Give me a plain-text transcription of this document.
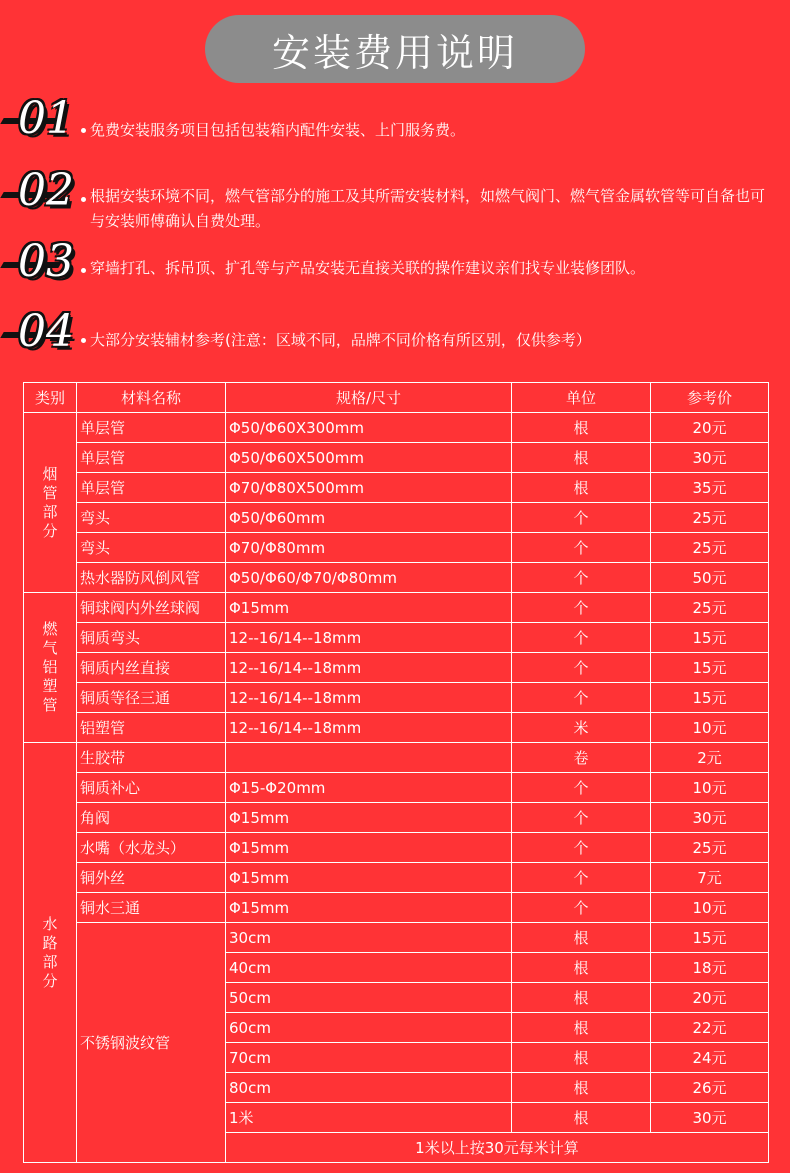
安装费用说明
01 免费安装服务项目包括包装箱内配件安装、上门服务费。
02 根据安装环境不同，燃气管部分的施工及其所需安装材料，如燃气阀门、燃气管金属软管等可自备也可与安装师傅确认自费处理。
03 穿墙打孔、拆吊顶、扩孔等与产品安装无直接关联的操作建议亲们找专业装修团队。
04 大部分安装辅材参考(注意：区域不同，品牌不同价格有所区别，仅供参考）
类别	材料名称	规格/尺寸	单位	参考价
烟管部分	单层管	Φ50/Φ60X300mm	根	20元
	单层管	Φ50/Φ60X500mm	根	30元
	单层管	Φ70/Φ80X500mm	根	35元
	弯头	Φ50/Φ60mm	个	25元
	弯头	Φ70/Φ80mm	个	25元
	热水器防风倒风管	Φ50/Φ60/Φ70/Φ80mm	个	50元
燃气铝塑管	铜球阀内外丝球阀	Φ15mm	个	25元
	铜质弯头	12--16/14--18mm	个	15元
	铜质内丝直接	12--16/14--18mm	个	15元
	铜质等径三通	12--16/14--18mm	个	15元
	铝塑管	12--16/14--18mm	米	10元
水路部分	生胶带		卷	2元
	铜质补心	Φ15-Φ20mm	个	10元
	角阀	Φ15mm	个	30元
	水嘴（水龙头）	Φ15mm	个	25元
	铜外丝	Φ15mm	个	7元
	铜水三通	Φ15mm	个	10元
	不锈钢波纹管	30cm	根	15元
		40cm	根	18元
		50cm	根	20元
		60cm	根	22元
		70cm	根	24元
		80cm	根	26元
		1米	根	30元
		1米以上按30元每米计算		
